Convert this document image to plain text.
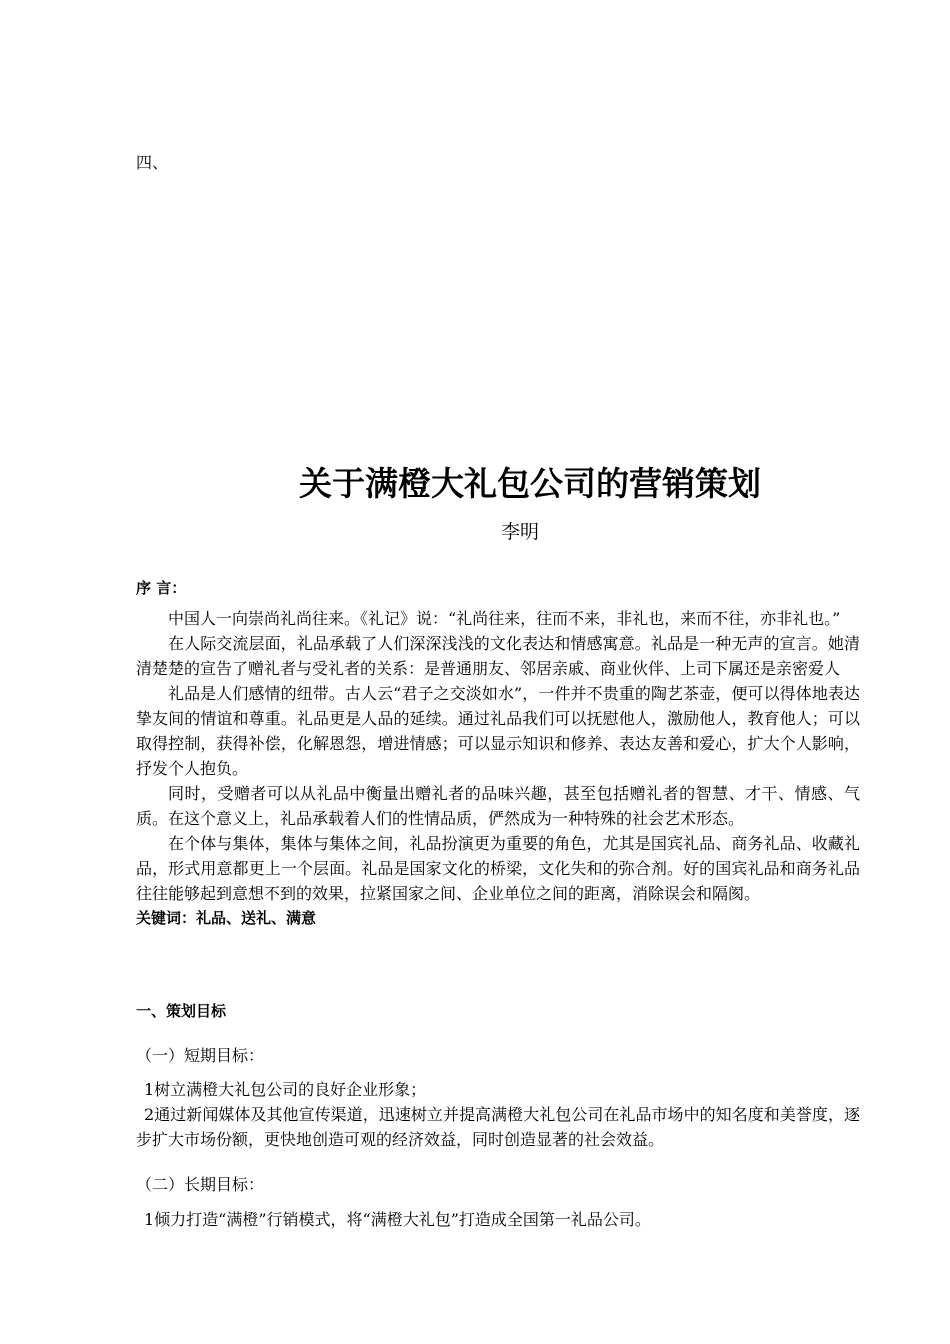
四、
关于满橙大礼包公司的营销策划
李明
序 言：

中国人一向崇尚礼尚往来。《礼记》说：“礼尚往来，往而不来，非礼也，来而不往，亦非礼也。”

在人际交流层面，礼品承载了人们深深浅浅的文化表达和情感寓意。礼品是一种无声的宣言。她清清楚楚的宣告了赠礼者与受礼者的关系：是普通朋友、邻居亲戚、商业伙伴、上司下属还是亲密爱人

礼品是人们感情的纽带。古人云“君子之交淡如水”，一件并不贵重的陶艺茶壶，便可以得体地表达挚友间的情谊和尊重。礼品更是人品的延续。通过礼品我们可以抚慰他人，激励他人，教育他人；可以取得控制，获得补偿，化解恩怨，增进情感；可以显示知识和修养、表达友善和爱心，扩大个人影响，抒发个人抱负。

同时，受赠者可以从礼品中衡量出赠礼者的品味兴趣，甚至包括赠礼者的智慧、才干、情感、气质。在这个意义上，礼品承载着人们的性情品质，俨然成为一种特殊的社会艺术形态。

在个体与集体，集体与集体之间，礼品扮演更为重要的角色，尤其是国宾礼品、商务礼品、收藏礼品，形式用意都更上一个层面。礼品是国家文化的桥梁，文化失和的弥合剂。好的国宾礼品和商务礼品往往能够起到意想不到的效果，拉紧国家之间、企业单位之间的距离，消除误会和隔阂。

关键词：礼品、送礼、满意
一、策划目标
（一）短期目标：
1树立满橙大礼包公司的良好企业形象；
2通过新闻媒体及其他宣传渠道，迅速树立并提高满橙大礼包公司在礼品市场中的知名度和美誉度，逐步扩大市场份额，更快地创造可观的经济效益，同时创造显著的社会效益。
（二）长期目标：
1倾力打造“满橙”行销模式，将“满橙大礼包”打造成全国第一礼品公司。
